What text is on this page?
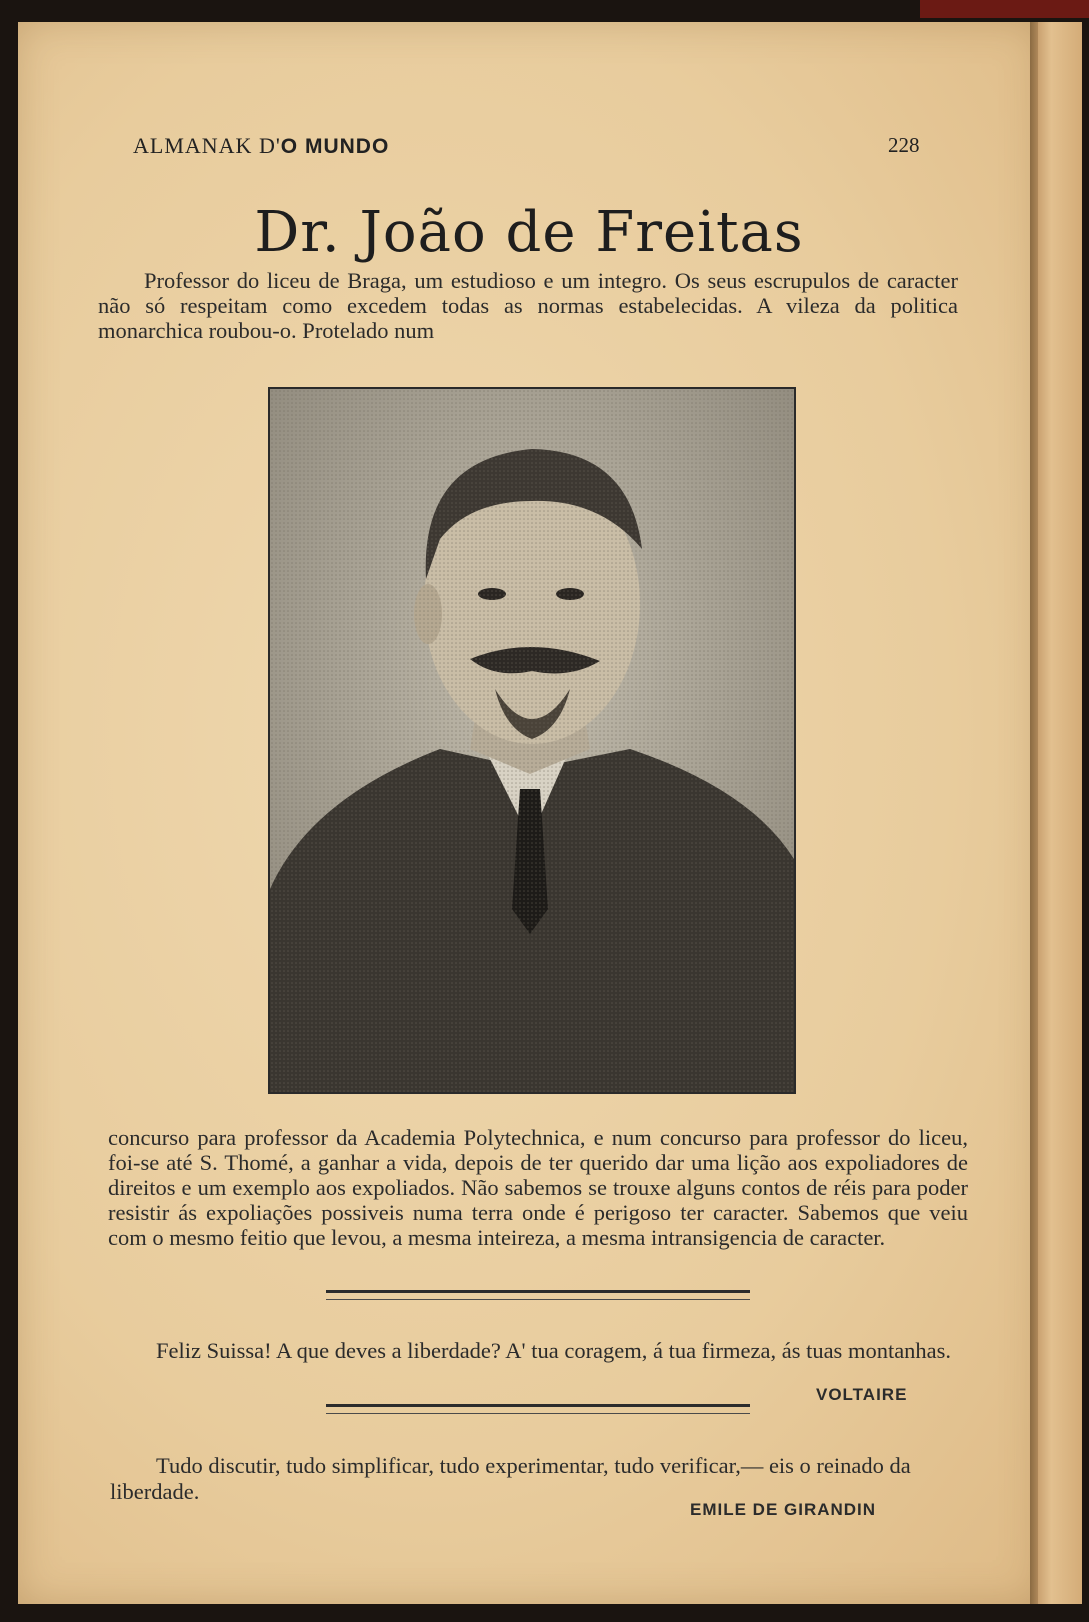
ALMANAK D'O MUNDO	228
Dr. João de Freitas
Professor do liceu de Braga, um estudioso e um integro. Os seus escrupulos de caracter não só respeitam como excedem todas as normas estabelecidas. A vileza da politica monarchica roubou-o. Protelado num
concurso para professor da Academia Polytechnica, e num concurso para professor do liceu, foi-se até S. Thomé, a ganhar a vida, depois de ter querido dar uma lição aos expoliadores de direitos e um exemplo aos expoliados. Não sabemos se trouxe alguns contos de réis para poder resistir ás expoliações possiveis numa terra onde é perigoso ter caracter. Sabemos que veiu com o mesmo feitio que levou, a mesma inteireza, a mesma intransigencia de caracter.
Feliz Suissa! A que deves a liberdade? A' tua coragem, á tua firmeza, ás tuas montanhas.
VOLTAIRE
Tudo discutir, tudo simplificar, tudo experimentar, tudo verificar,— eis o reinado da liberdade.
EMILE DE GIRANDIN
